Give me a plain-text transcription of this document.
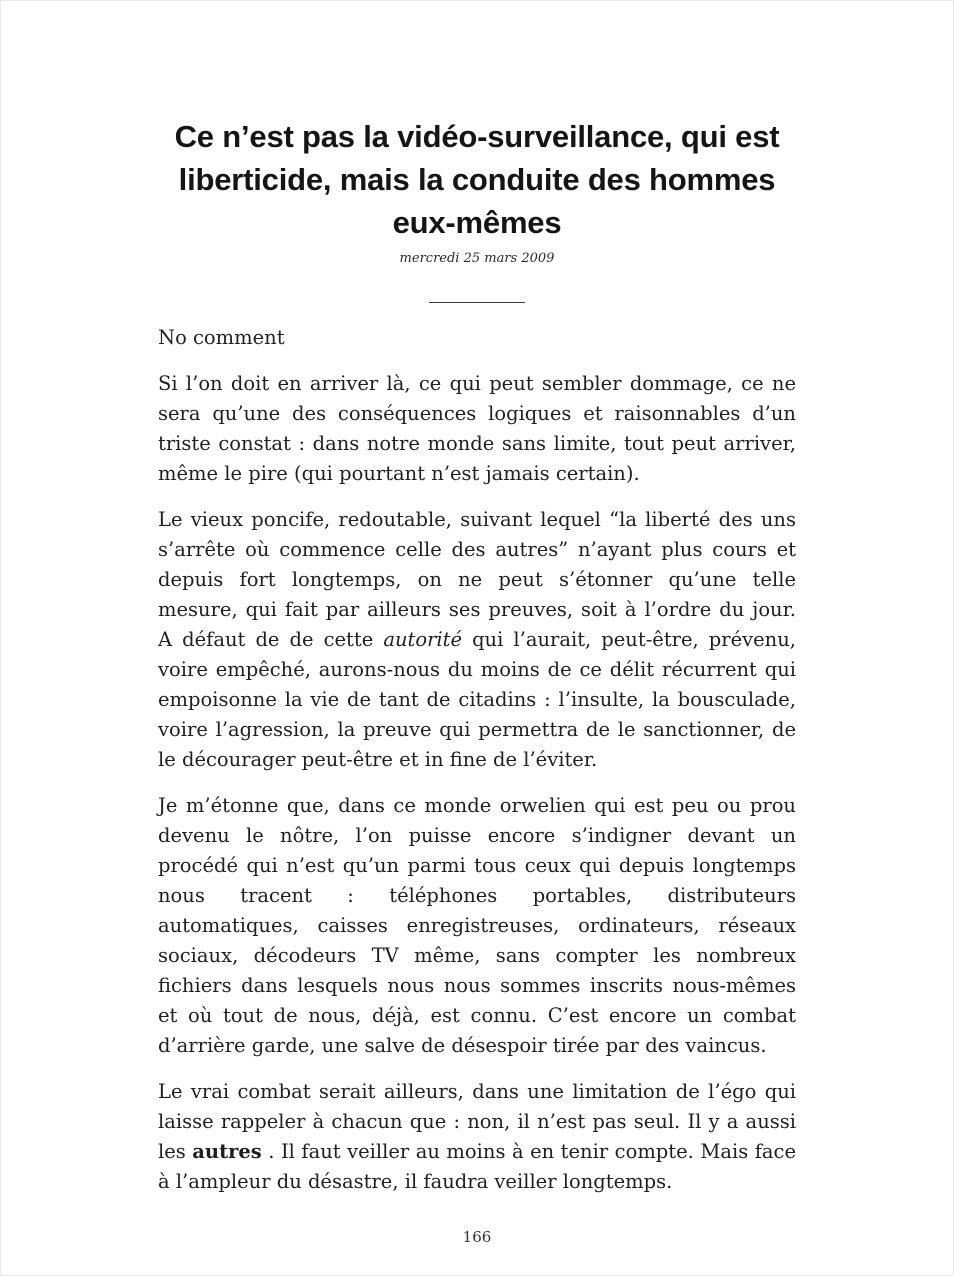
Ce n’est pas la vidéo-surveillance, qui est liberticide, mais la conduite des hommes eux-mêmes
mercredi 25 mars 2009
No comment

Si l’on doit en arriver là, ce qui peut sembler dommage, ce ne sera qu’une des conséquences logiques et raisonnables d’un triste constat : dans notre monde sans limite, tout peut arriver, même le pire (qui pourtant n’est jamais certain).

Le vieux poncife, redoutable, suivant lequel “la liberté des uns s’arrête où commence celle des autres” n’ayant plus cours et depuis fort longtemps, on ne peut s’étonner qu’une telle mesure, qui fait par ailleurs ses preuves, soit à l’ordre du jour. A défaut de de cette autorité qui l’aurait, peut-être, prévenu, voire empêché, aurons-nous du moins de ce délit récurrent qui empoisonne la vie de tant de citadins : l’insulte, la bousculade, voire l’agression, la preuve qui permettra de le sanctionner, de le décourager peut-être et in fine de l’éviter.

Je m’étonne que, dans ce monde orwelien qui est peu ou prou devenu le nôtre, l’on puisse encore s’indigner devant un procédé qui n’est qu’un parmi tous ceux qui depuis longtemps nous tracent : téléphones portables, distributeurs automatiques, caisses enregistreuses, ordinateurs, réseaux sociaux, décodeurs TV même, sans compter les nombreux fichiers dans lesquels nous nous sommes inscrits nous-mêmes et où tout de nous, déjà, est connu. C’est encore un combat d’arrière garde, une salve de désespoir tirée par des vaincus.

Le vrai combat serait ailleurs, dans une limitation de l’égo qui laisse rappeler à chacun que : non, il n’est pas seul. Il y a aussi les autres . Il faut veiller au moins à en tenir compte. Mais face à l’ampleur du désastre, il faudra veiller longtemps.

166
